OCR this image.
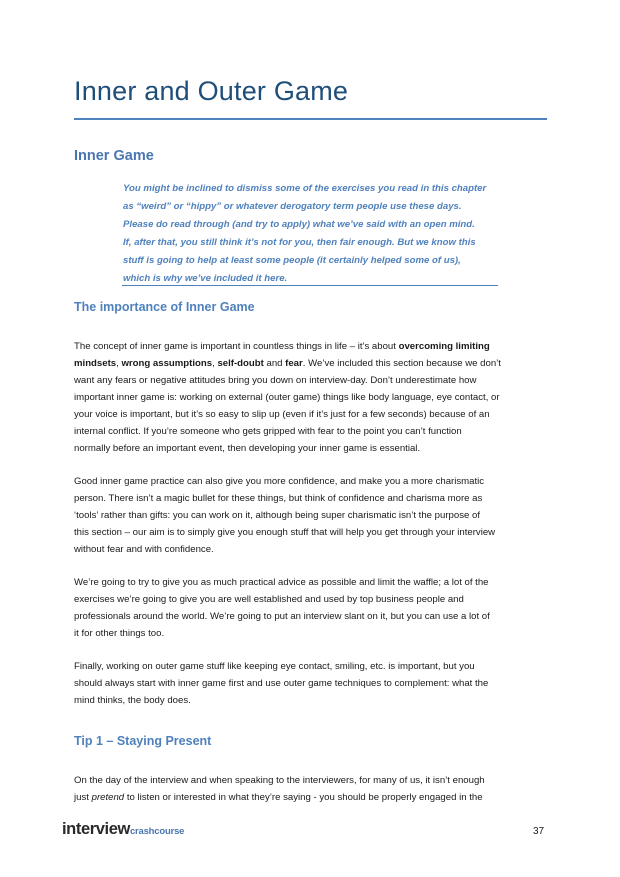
Inner and Outer Game
Inner Game

You might be inclined to dismiss some of the exercises you read in this chapter

as “weird” or “hippy” or whatever derogatory term people use these days.

Please do read through (and try to apply) what we’ve said with an open mind.

If, after that, you still think it’s not for you, then fair enough. But we know this

stuff is going to help at least some people (it certainly helped some of us),

which is why we’ve included it here.

The importance of Inner Game
The concept of inner game is important in countless things in life – it’s about overcoming limiting
mindsets, wrong assumptions, self-doubt and fear. We’ve included this section because we don’t
want any fears or negative attitudes bring you down on interview-day. Don’t underestimate how
important inner game is: working on external (outer game) things like body language, eye contact, or
your voice is important, but it’s so easy to slip up (even if it’s just for a few seconds) because of an
internal conflict. If you’re someone who gets gripped with fear to the point you can’t function
normally before an important event, then developing your inner game is essential.
Good inner game practice can also give you more confidence, and make you a more charismatic
person. There isn’t a magic bullet for these things, but think of confidence and charisma more as
‘tools’ rather than gifts: you can work on it, although being super charismatic isn’t the purpose of
this section – our aim is to simply give you enough stuff that will help you get through your interview
without fear and with confidence.
We’re going to try to give you as much practical advice as possible and limit the waffle; a lot of the
exercises we’re going to give you are well established and used by top business people and
professionals around the world. We’re going to put an interview slant on it, but you can use a lot of
it for other things too.
Finally, working on outer game stuff like keeping eye contact, smiling, etc. is important, but you
should always start with inner game first and use outer game techniques to complement: what the
mind thinks, the body does.
Tip 1 – Staying Present
On the day of the interview and when speaking to the interviewers, for many of us, it isn’t enough
just pretend to listen or interested in what they’re saying - you should be properly engaged in the
interviewcrashcourse	37
